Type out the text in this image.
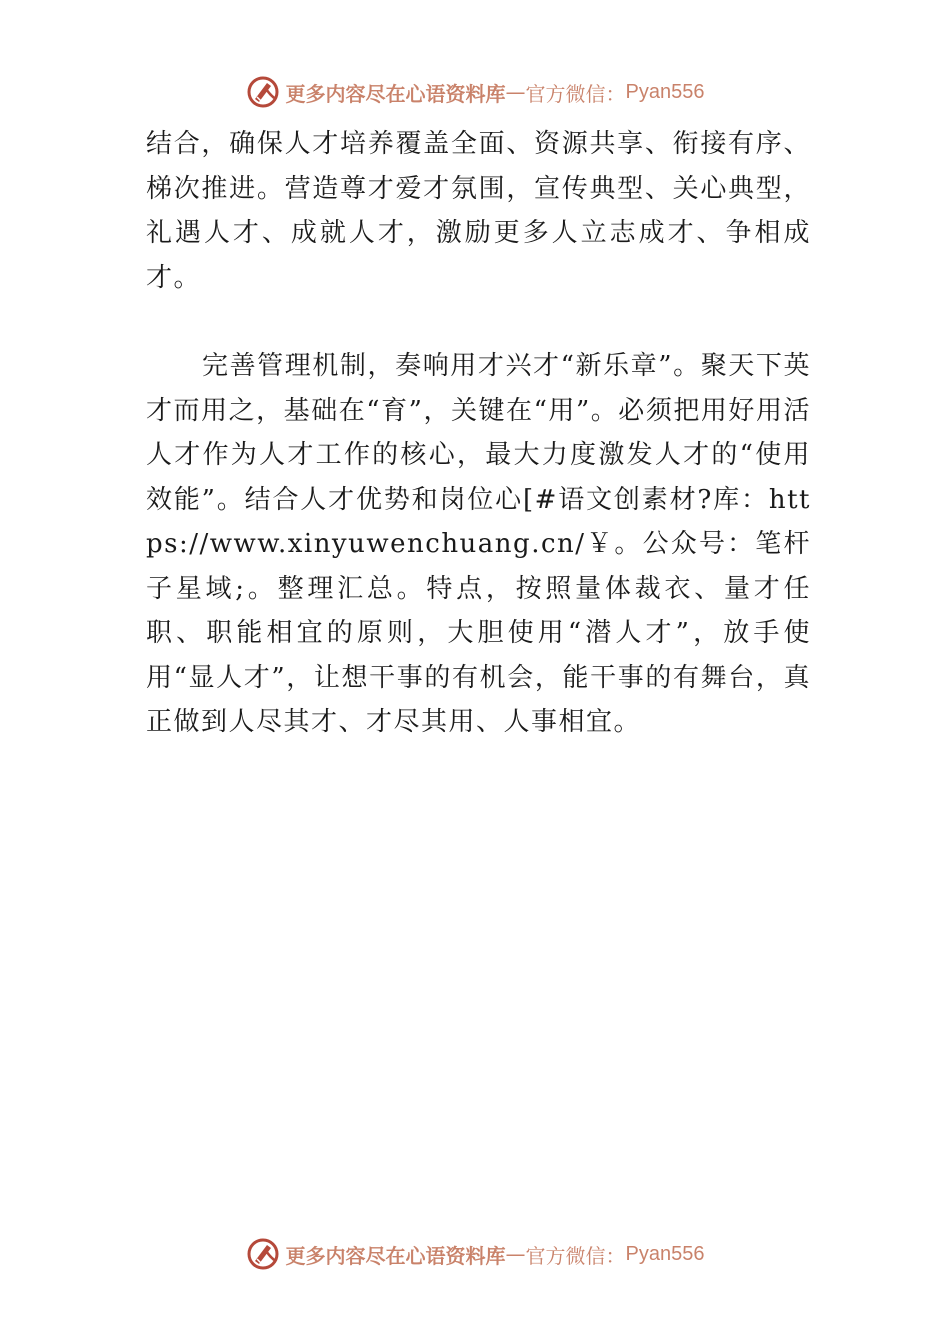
更多内容尽在心语资料库 — 官方微信： Pyan556

结合，确保人才培养覆盖全面、资源共享、衔接有序、梯次推进。营造尊才爱才氛围，宣传典型、关心典型，礼遇人才、成就人才，激励更多人立志成才、争相成才。

完善管理机制，奏响用才兴才“新乐章”。聚天下英才而用之，基础在“育”，关键在“用”。必须把用好用活人才作为人才工作的核心，最大力度激发人才的“使用效能”。结合人才优势和岗位心[#语文创素材?库：https://www.xinyuwenchuang.cn/￥。公众号：笔杆子星域;。整理汇总。特点，按照量体裁衣、量才任职、职能相宜的原则，大胆使用“潜人才”，放手使用“显人才”，让想干事的有机会，能干事的有舞台，真正做到人尽其才、才尽其用、人事相宜。

更多内容尽在心语资料库 — 官方微信： Pyan556
